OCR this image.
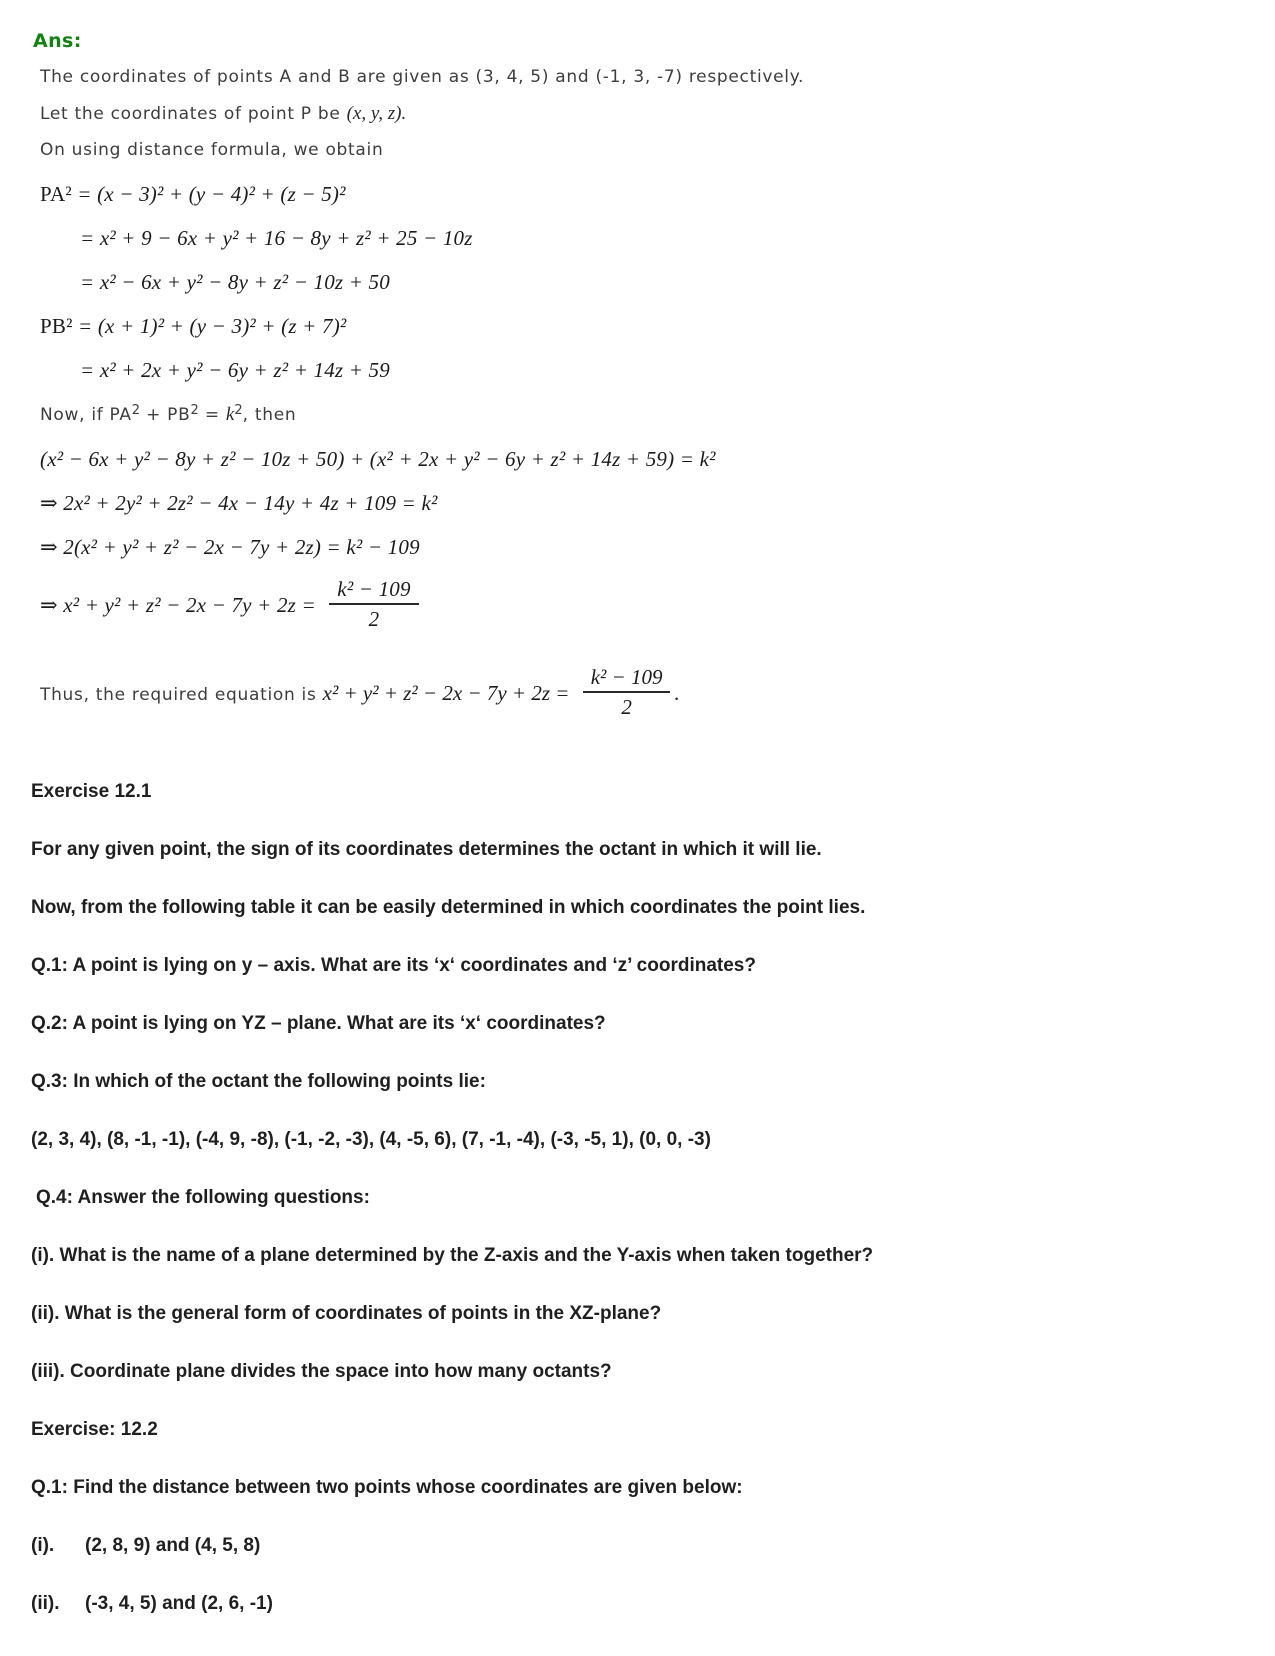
Ans:

The coordinates of points A and B are given as (3, 4, 5) and (-1, 3, -7) respectively.

Let the coordinates of point P be (x, y, z).

On using distance formula, we obtain

PA² = (x − 3)² + (y − 4)² + (z − 5)²
= x² + 9 − 6x + y² + 16 − 8y + z² + 25 − 10z
= x² − 6x + y² − 8y + z² − 10z + 50
PB² = (x + 1)² + (y − 3)² + (z + 7)²
= x² + 2x + y² − 6y + z² + 14z + 59

Now, if $PA^2 + PB^2 = k^2$, then

(x² − 6x + y² − 8y + z² − 10z + 50) + (x² + 2x + y² − 6y + z² + 14z + 59) = k²
⇒ 2x² + 2y² + 2z² − 4x − 14y + 4z + 109 = k²
⇒ 2(x² + y² + z² − 2x − 7y + 2z) = k² − 109
⇒ $x^2 + y^2 + z^2 - 2x - 7y + 2z = \frac{\text{k² − 109}}{2}$

Thus, the required equation is $x^2 + y^2 + z^2 - 2x - 7y + 2z = \frac{\text{k² − 109}}{2}$ .

Exercise 12.1

For any given point, the sign of its coordinates determines the octant in which it will lie.

Now, from the following table it can be easily determined in which coordinates the point lies.

Q.1: A point is lying on y – axis. What are its ‘x‘ coordinates and ‘z’ coordinates?

Q.2: A point is lying on YZ – plane. What are its ‘x‘ coordinates?

Q.3: In which of the octant the following points lie:

(2, 3, 4), (8, -1, -1), (-4, 9, -8), (-1, -2, -3), (4, -5, 6), (7, -1, -4), (-3, -5, 1), (0, 0, -3)

Q.4: Answer the following questions:

(i). What is the name of a plane determined by the Z-axis and the Y-axis when taken together?

(ii). What is the general form of coordinates of points in the XZ-plane?

(iii). Coordinate plane divides the space into how many octants?

Exercise: 12.2

Q.1: Find the distance between two points whose coordinates are given below:

(i). (2, 8, 9) and (4, 5, 8)

(ii). (-3, 4, 5) and (2, 6, -1)
